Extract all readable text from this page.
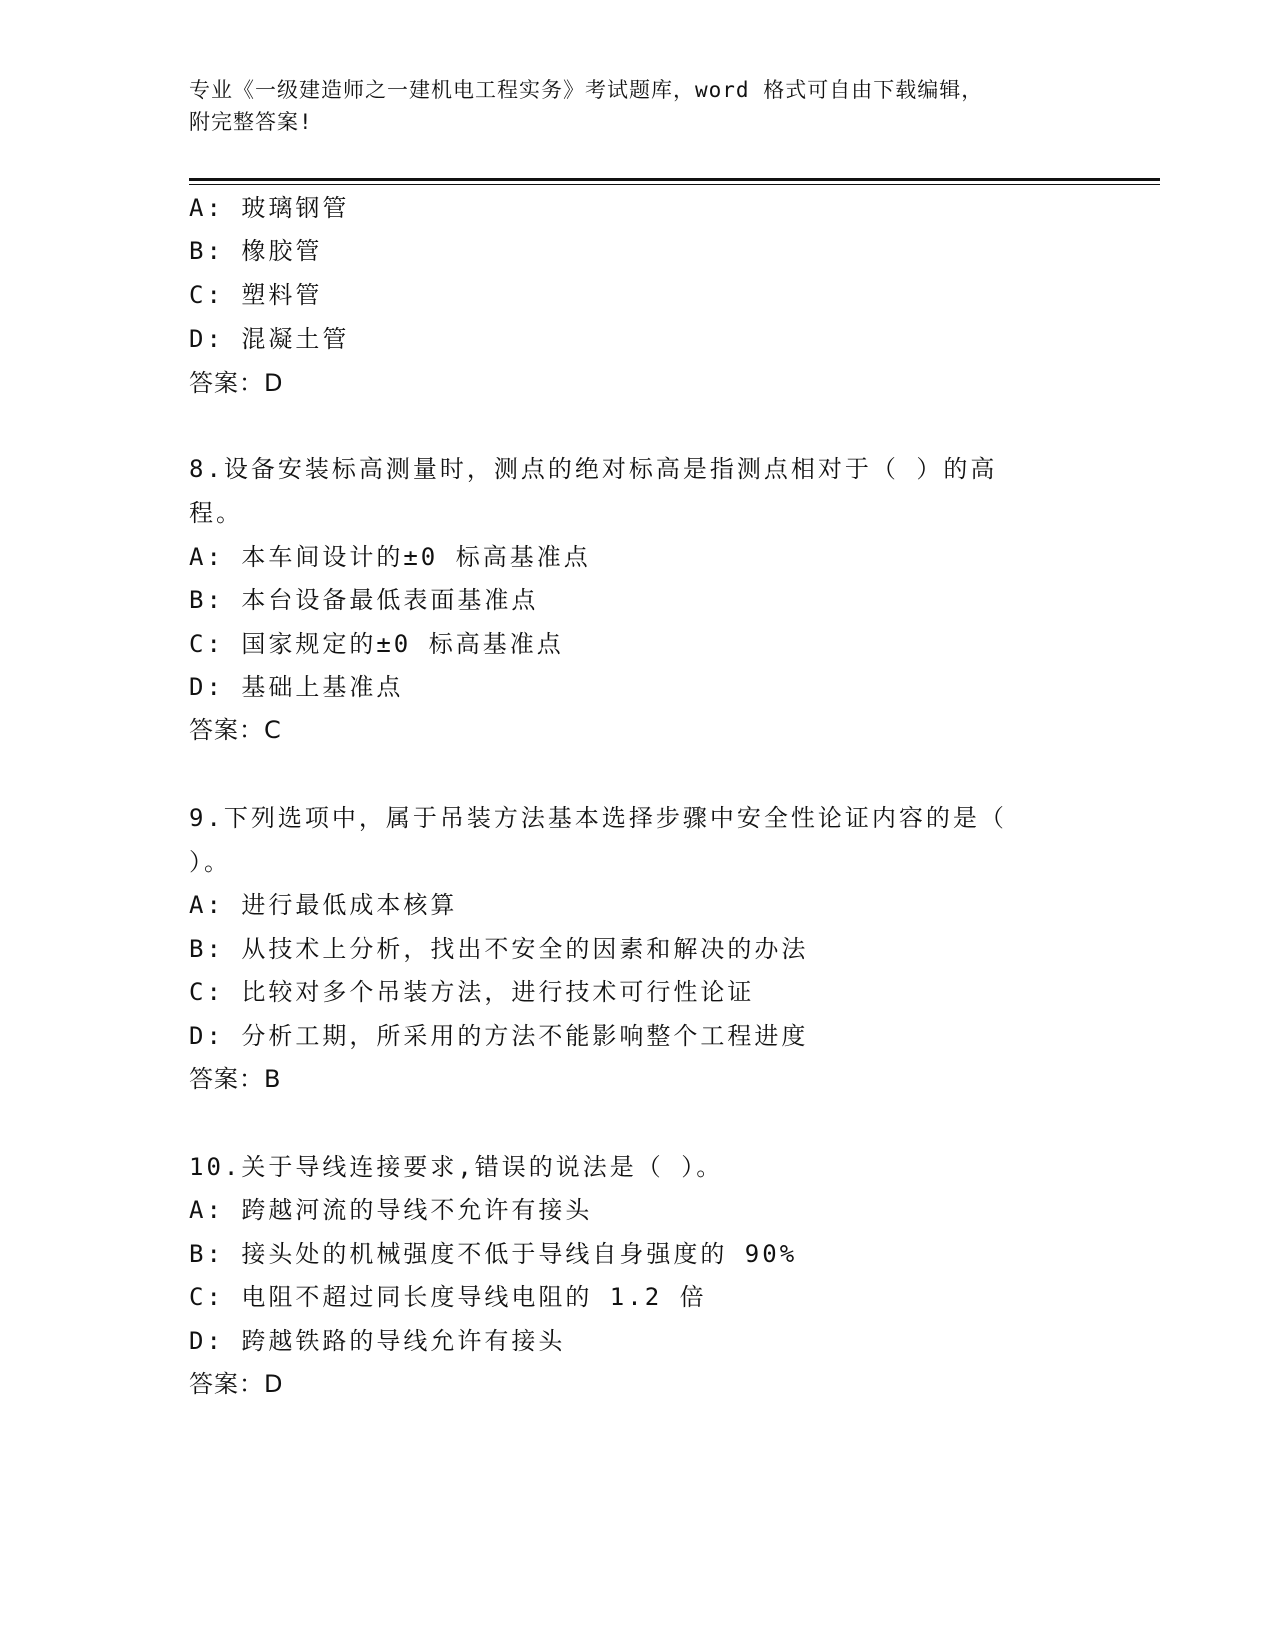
专业《一级建造师之一建机电工程实务》考试题库，word 格式可自由下载编辑，
附完整答案!
A: 玻璃钢管
B: 橡胶管
C: 塑料管
D: 混凝土管
答案：D
8.设备安装标高测量时，测点的绝对标高是指测点相对于（ ）的高
程。
A: 本车间设计的±0 标高基准点
B: 本台设备最低表面基准点
C: 国家规定的±0 标高基准点
D: 基础上基准点
答案：C
9.下列选项中，属于吊装方法基本选择步骤中安全性论证内容的是（
）。
A: 进行最低成本核算
B: 从技术上分析，找出不安全的因素和解决的办法
C: 比较对多个吊装方法，进行技术可行性论证
D: 分析工期，所采用的方法不能影响整个工程进度
答案：B
10.关于导线连接要求,错误的说法是（ ）。
A: 跨越河流的导线不允许有接头
B: 接头处的机械强度不低于导线自身强度的 90%
C: 电阻不超过同长度导线电阻的 1.2 倍
D: 跨越铁路的导线允许有接头
答案：D
